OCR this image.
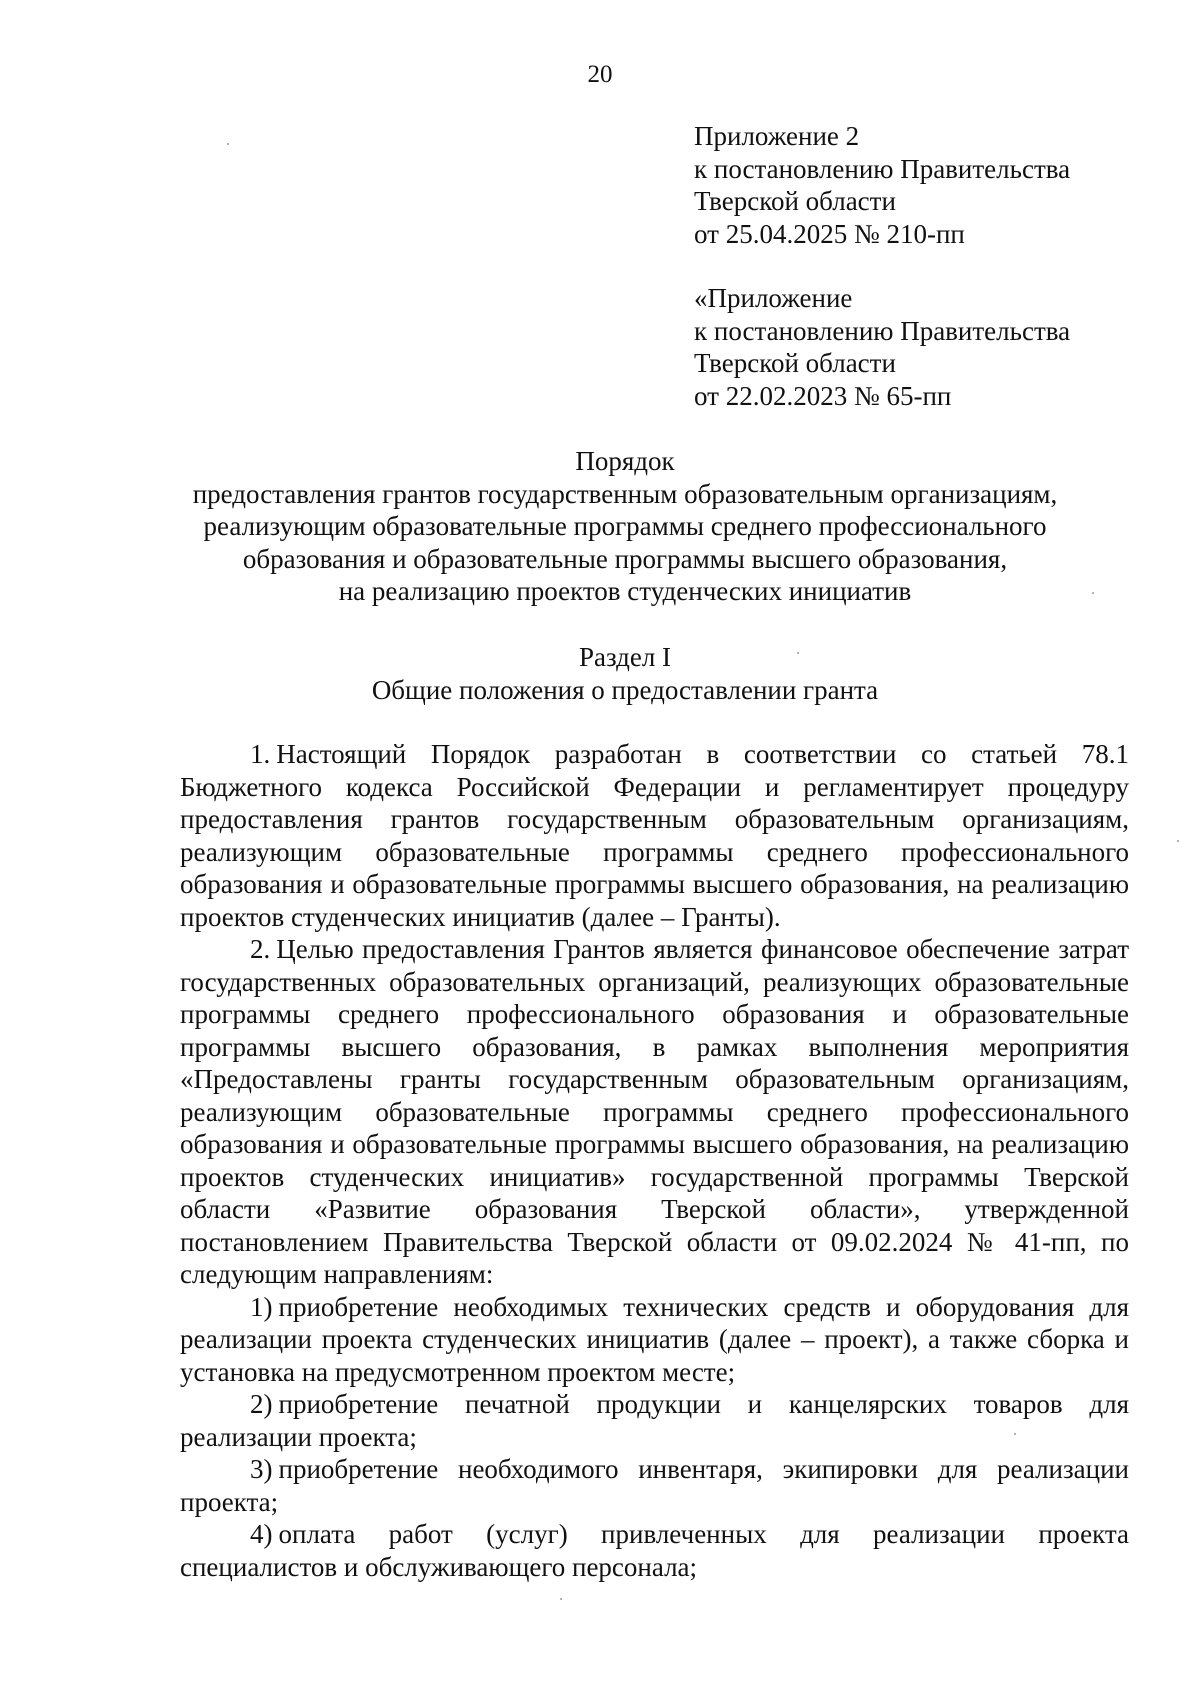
20
Приложение 2
к постановлению Правительства
Тверской области
от 25.04.2025 № 210-пп
«Приложение
к постановлению Правительства
Тверской области
от 22.02.2023 № 65-пп
Порядок
предоставления грантов государственным образовательным организациям,
реализующим образовательные программы среднего профессионального
образования и образовательные программы высшего образования,
на реализацию проектов студенческих инициатив
Раздел I
Общие положения о предоставлении гранта

1. Настоящий Порядок разработан в соответствии со статьей 78.1 Бюджетного кодекса Российской Федерации и регламентирует процедуру предоставления грантов государственным образовательным организациям, реализующим образовательные программы среднего профессионального образования и образовательные программы высшего образования, на реализацию проектов студенческих инициатив (далее – Гранты).

2. Целью предоставления Грантов является финансовое обеспечение затрат государственных образовательных организаций, реализующих образовательные программы среднего профессионального образования и образовательные программы высшего образования, в рамках выполнения мероприятия «Предоставлены гранты государственным образовательным организациям, реализующим образовательные программы среднего профессионального образования и образовательные программы высшего образования, на реализацию проектов студенческих инициатив» государственной программы Тверской области «Развитие образования Тверской области», утвержденной постановлением Правительства Тверской области от 09.02.2024 № 41-пп, по следующим направлениям:

1) приобретение необходимых технических средств и оборудования для реализации проекта студенческих инициатив (далее – проект), а также сборка и установка на предусмотренном проектом месте;

2) приобретение печатной продукции и канцелярских товаров для реализации проекта;

3) приобретение необходимого инвентаря, экипировки для реализации проекта;

4) оплата работ (услуг) привлеченных для реализации проекта специалистов и обслуживающего персонала;
